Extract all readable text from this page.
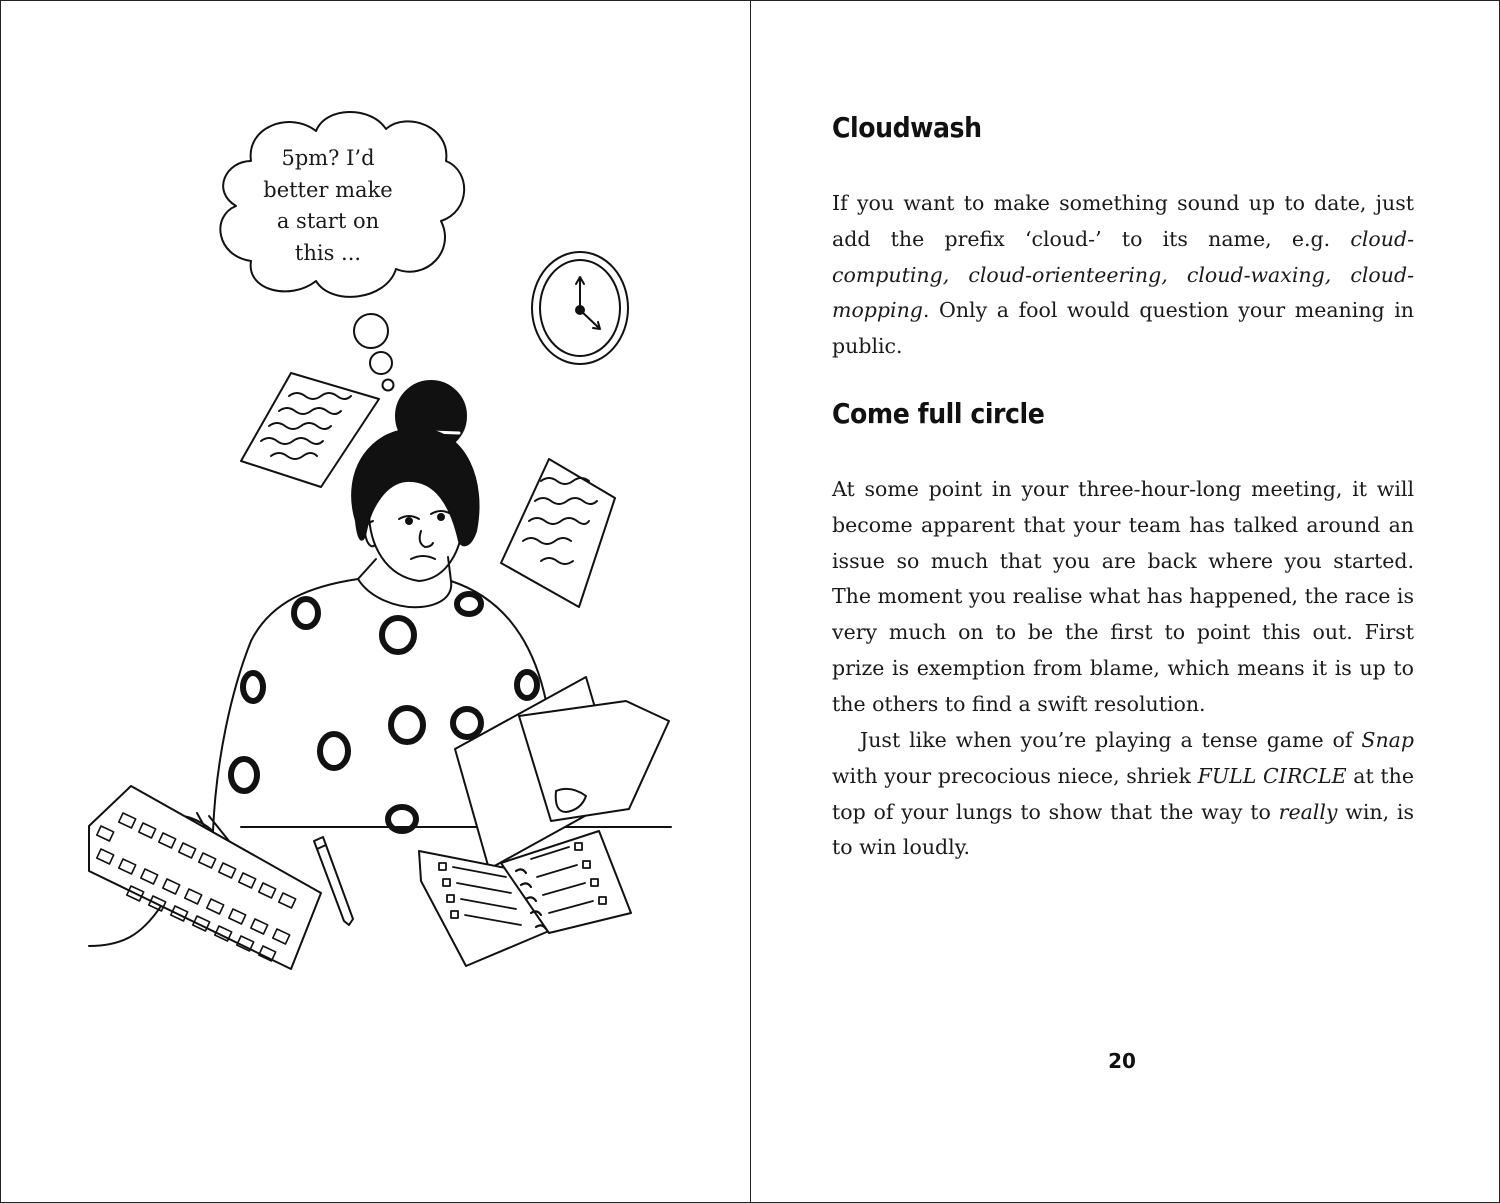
5pm? I’d
better make
a start on
this ...
Cloudwash

If you want to make something sound up to date, just add the prefix ‘cloud-’ to its name, e.g. cloud-computing, cloud-orienteering, cloud-waxing, cloud-mopping. Only a fool would question your meaning in public.

Come full circle

At some point in your three-hour-long meeting, it will become apparent that your team has talked around an issue so much that you are back where you started. The moment you realise what has happened, the race is very much on to be the first to point this out. First prize is exemption from blame, which means it is up to the others to find a swift resolution.

Just like when you’re playing a tense game of Snap with your precocious niece, shriek FULL CIRCLE at the top of your lungs to show that the way to really win, is to win loudly.

20
